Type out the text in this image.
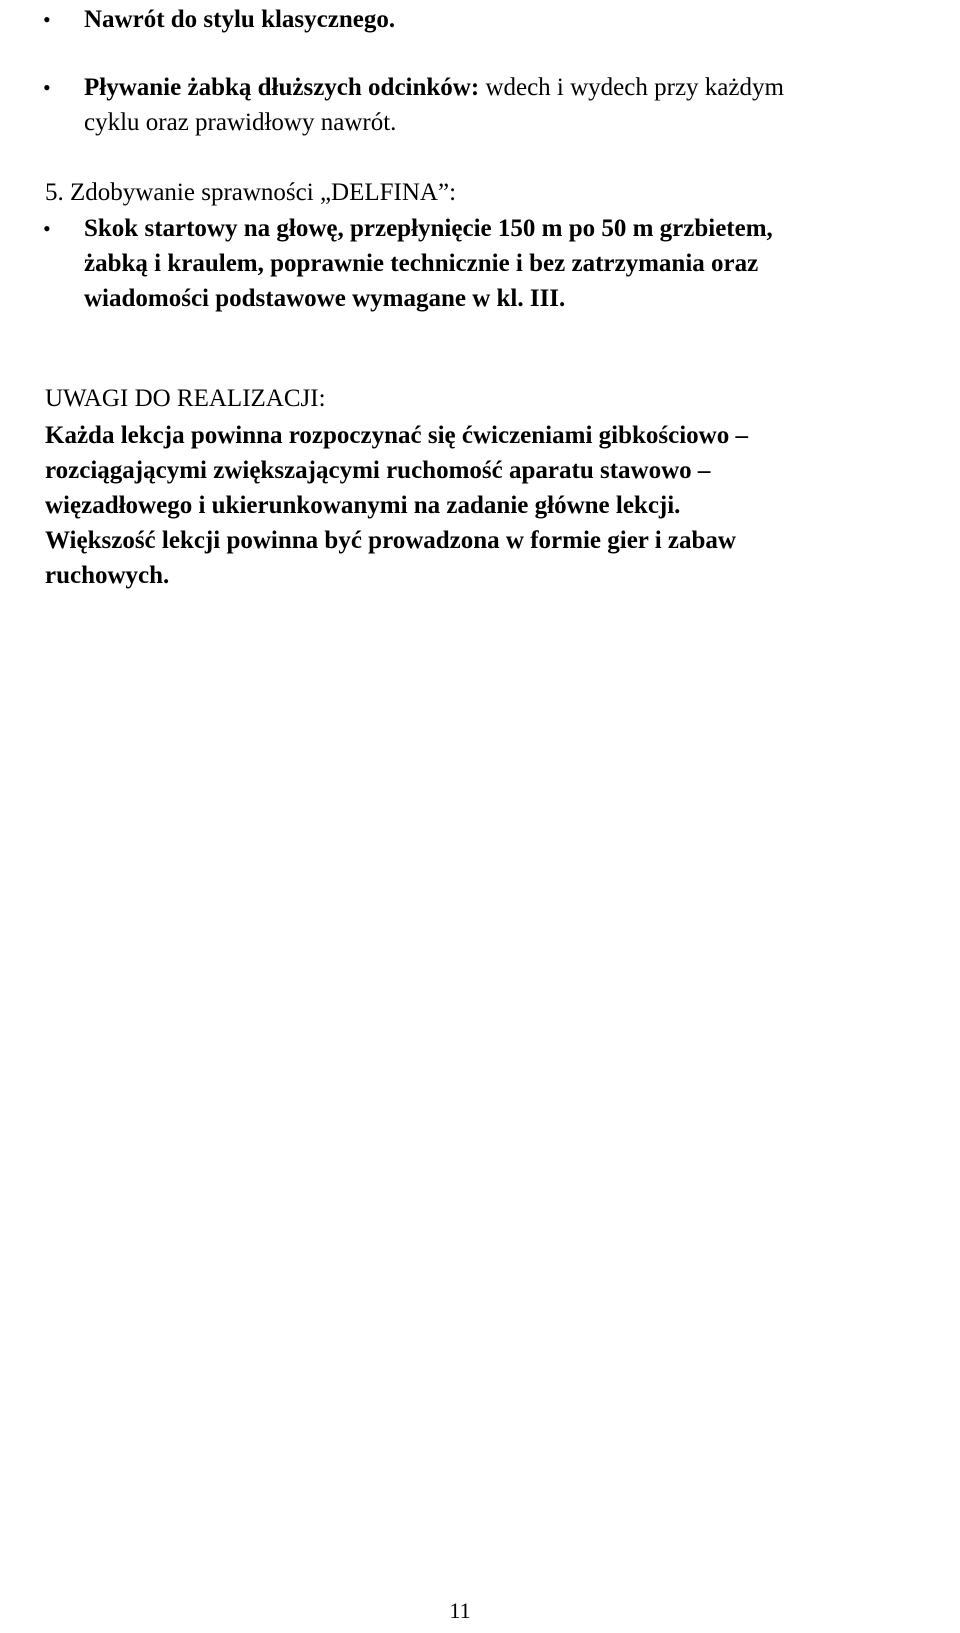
•	Nawrót do stylu klasycznego.
•	Pływanie żabką dłuższych odcinków: wdech i wydech przy każdym
cyklu oraz prawidłowy nawrót.
5. Zdobywanie sprawności „DELFINA”:
•	Skok startowy na głowę, przepłynięcie 150 m po 50 m grzbietem,
żabką i kraulem, poprawnie technicznie i bez zatrzymania oraz
wiadomości podstawowe wymagane w kl. III.
UWAGI DO REALIZACJI:
Każda lekcja powinna rozpoczynać się ćwiczeniami gibkościowo –
rozciągającymi zwiększającymi ruchomość aparatu stawowo –
więzadłowego i ukierunkowanymi na zadanie główne lekcji.
Większość lekcji powinna być prowadzona w formie gier i zabaw
ruchowych.
11
